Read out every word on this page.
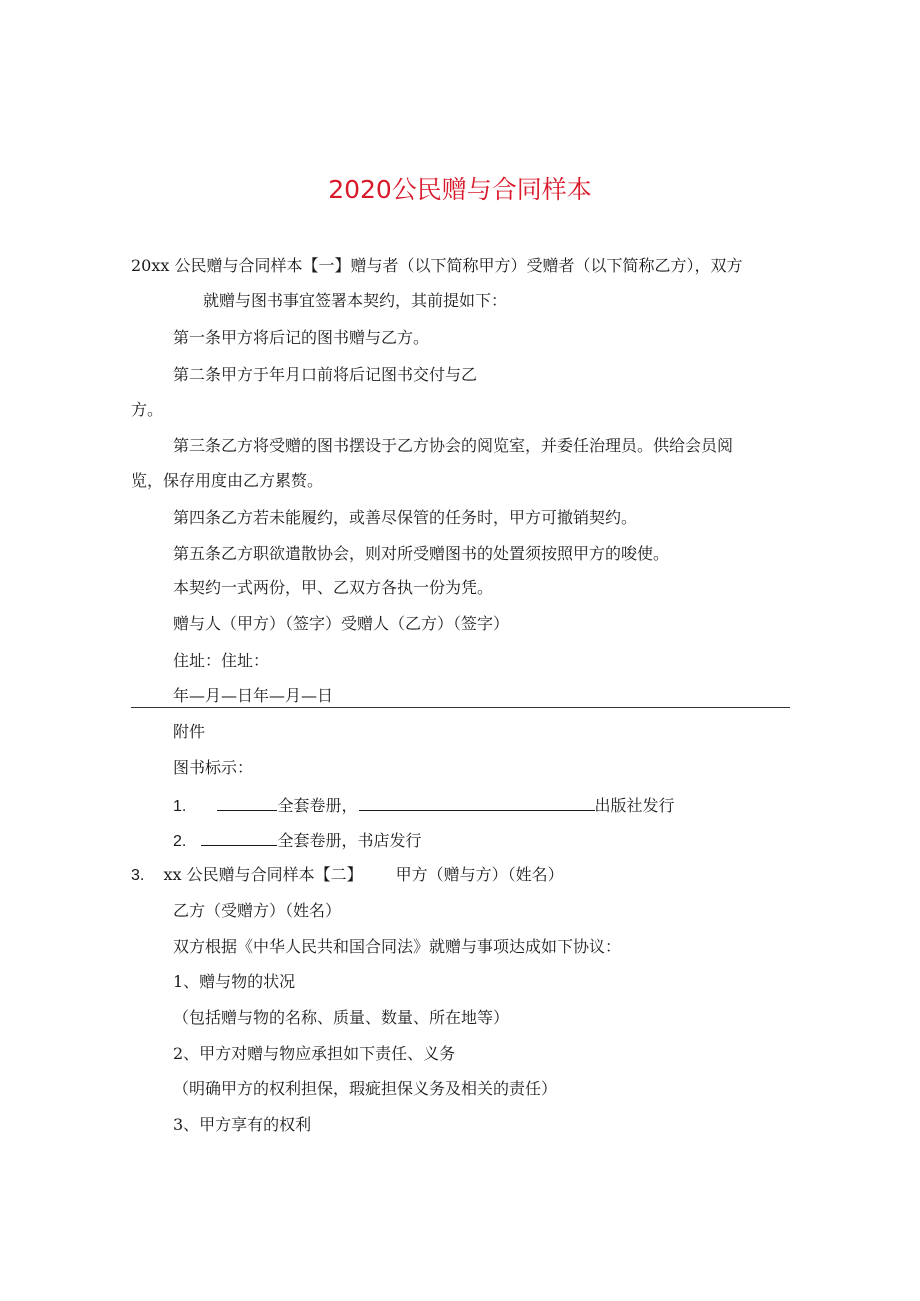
2020公民赠与合同样本
20xx 公民赠与合同样本【一】赠与者（以下简称甲方）受赠者（以下简称乙方），双方
就赠与图书事宜签署本契约，其前提如下：
第一条甲方将后记的图书赠与乙方。
第二条甲方于年月口前将后记图书交付与乙
方。
第三条乙方将受赠的图书摆设于乙方协会的阅览室，并委任治理员。供给会员阅
览，保存用度由乙方累赘。
第四条乙方若未能履约，或善尽保管的任务时，甲方可撤销契约。
第五条乙方职欲遣散协会，则对所受赠图书的处置须按照甲方的唆使。
本契约一式两份，甲、乙双方各执一份为凭。
赠与人（甲方）（签字）受赠人（乙方）（签字）
住址：住址：
年—月—日年—月—日
附件
图书标示：
1.	全套卷册，	出版社发行
2.	全套卷册，书店发行
3. xx 公民赠与合同样本【二】 甲方（赠与方）（姓名）
乙方（受赠方）（姓名）
双方根据《中华人民共和国合同法》就赠与事项达成如下协议：
1、赠与物的状况
（包括赠与物的名称、质量、数量、所在地等）
2、甲方对赠与物应承担如下责任、义务
（明确甲方的权利担保，瑕疵担保义务及相关的责任）
3、甲方享有的权利
